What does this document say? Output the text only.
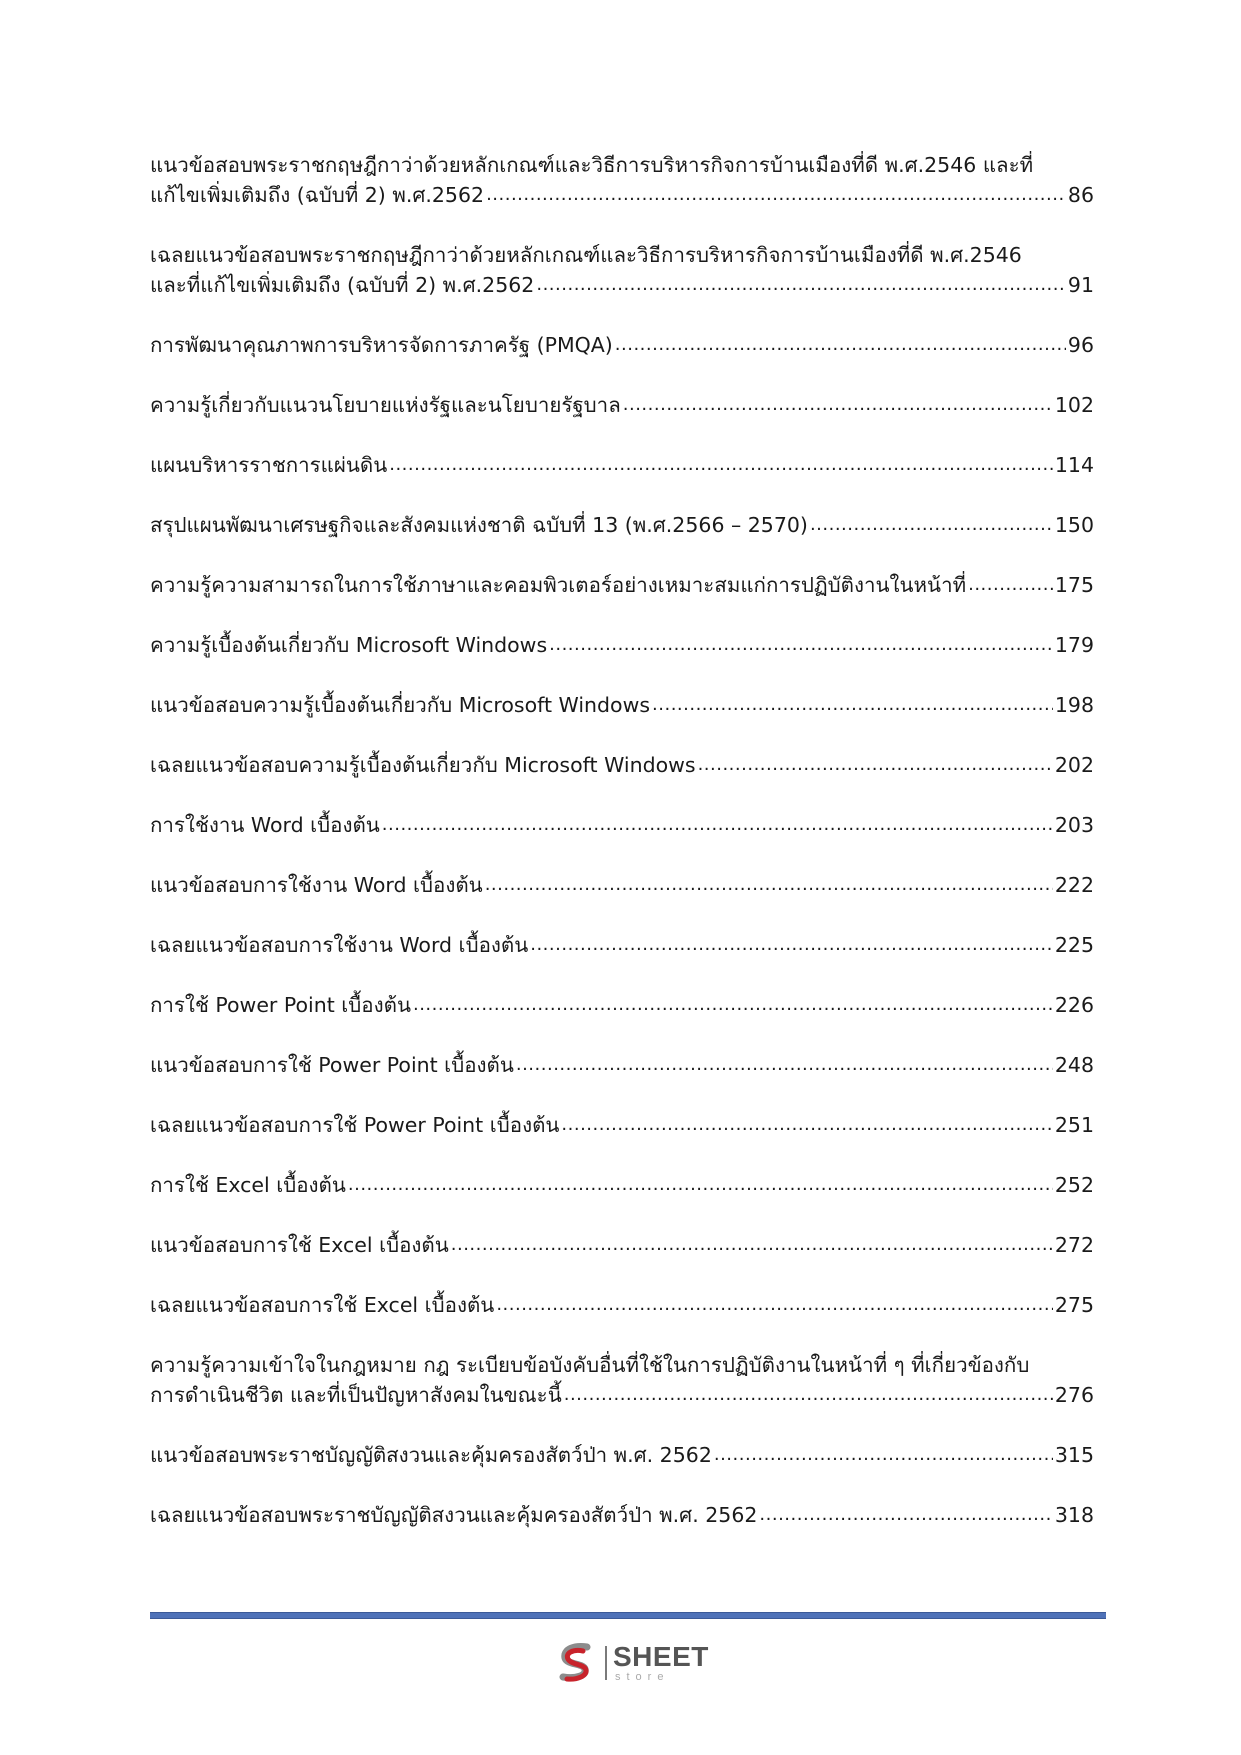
แนวข้อสอบพระราชกฤษฎีกาว่าด้วยหลักเกณฑ์และวิธีการบริหารกิจการบ้านเมืองที่ดี พ.ศ.2546 และที่
แก้ไขเพิ่มเติมถึง (ฉบับที่ 2) พ.ศ.2562 .....	86
เฉลยแนวข้อสอบพระราชกฤษฎีกาว่าด้วยหลักเกณฑ์และวิธีการบริหารกิจการบ้านเมืองที่ดี พ.ศ.2546
และที่แก้ไขเพิ่มเติมถึง (ฉบับที่ 2) พ.ศ.2562 .....	91
การพัฒนาคุณภาพการบริหารจัดการภาครัฐ (PMQA) .....	96
ความรู้เกี่ยวกับแนวนโยบายแห่งรัฐและนโยบายรัฐบาล .....	102
แผนบริหารราชการแผ่นดิน .....	114
สรุปแผนพัฒนาเศรษฐกิจและสังคมแห่งชาติ ฉบับที่ 13 (พ.ศ.2566 – 2570) .....	150
ความรู้ความสามารถในการใช้ภาษาและคอมพิวเตอร์อย่างเหมาะสมแก่การปฏิบัติงานในหน้าที่ .....	175
ความรู้เบื้องต้นเกี่ยวกับ Microsoft Windows .....	179
แนวข้อสอบความรู้เบื้องต้นเกี่ยวกับ Microsoft Windows .....	198
เฉลยแนวข้อสอบความรู้เบื้องต้นเกี่ยวกับ Microsoft Windows .....	202
การใช้งาน Word เบื้องต้น .....	203
แนวข้อสอบการใช้งาน Word เบื้องต้น .....	222
เฉลยแนวข้อสอบการใช้งาน Word เบื้องต้น .....	225
การใช้ Power Point เบื้องต้น .....	226
แนวข้อสอบการใช้ Power Point เบื้องต้น .....	248
เฉลยแนวข้อสอบการใช้ Power Point เบื้องต้น .....	251
การใช้ Excel เบื้องต้น .....	252
แนวข้อสอบการใช้ Excel เบื้องต้น .....	272
เฉลยแนวข้อสอบการใช้ Excel เบื้องต้น .....	275
ความรู้ความเข้าใจในกฎหมาย กฎ ระเบียบข้อบังคับอื่นที่ใช้ในการปฏิบัติงานในหน้าที่ ๆ ที่เกี่ยวข้องกับ
การดำเนินชีวิต และที่เป็นปัญหาสังคมในขณะนี้ .....	276
แนวข้อสอบพระราชบัญญัติสงวนและคุ้มครองสัตว์ป่า พ.ศ. 2562 .....	315
เฉลยแนวข้อสอบพระราชบัญญัติสงวนและคุ้มครองสัตว์ป่า พ.ศ. 2562 .....	318
SHEET
store
